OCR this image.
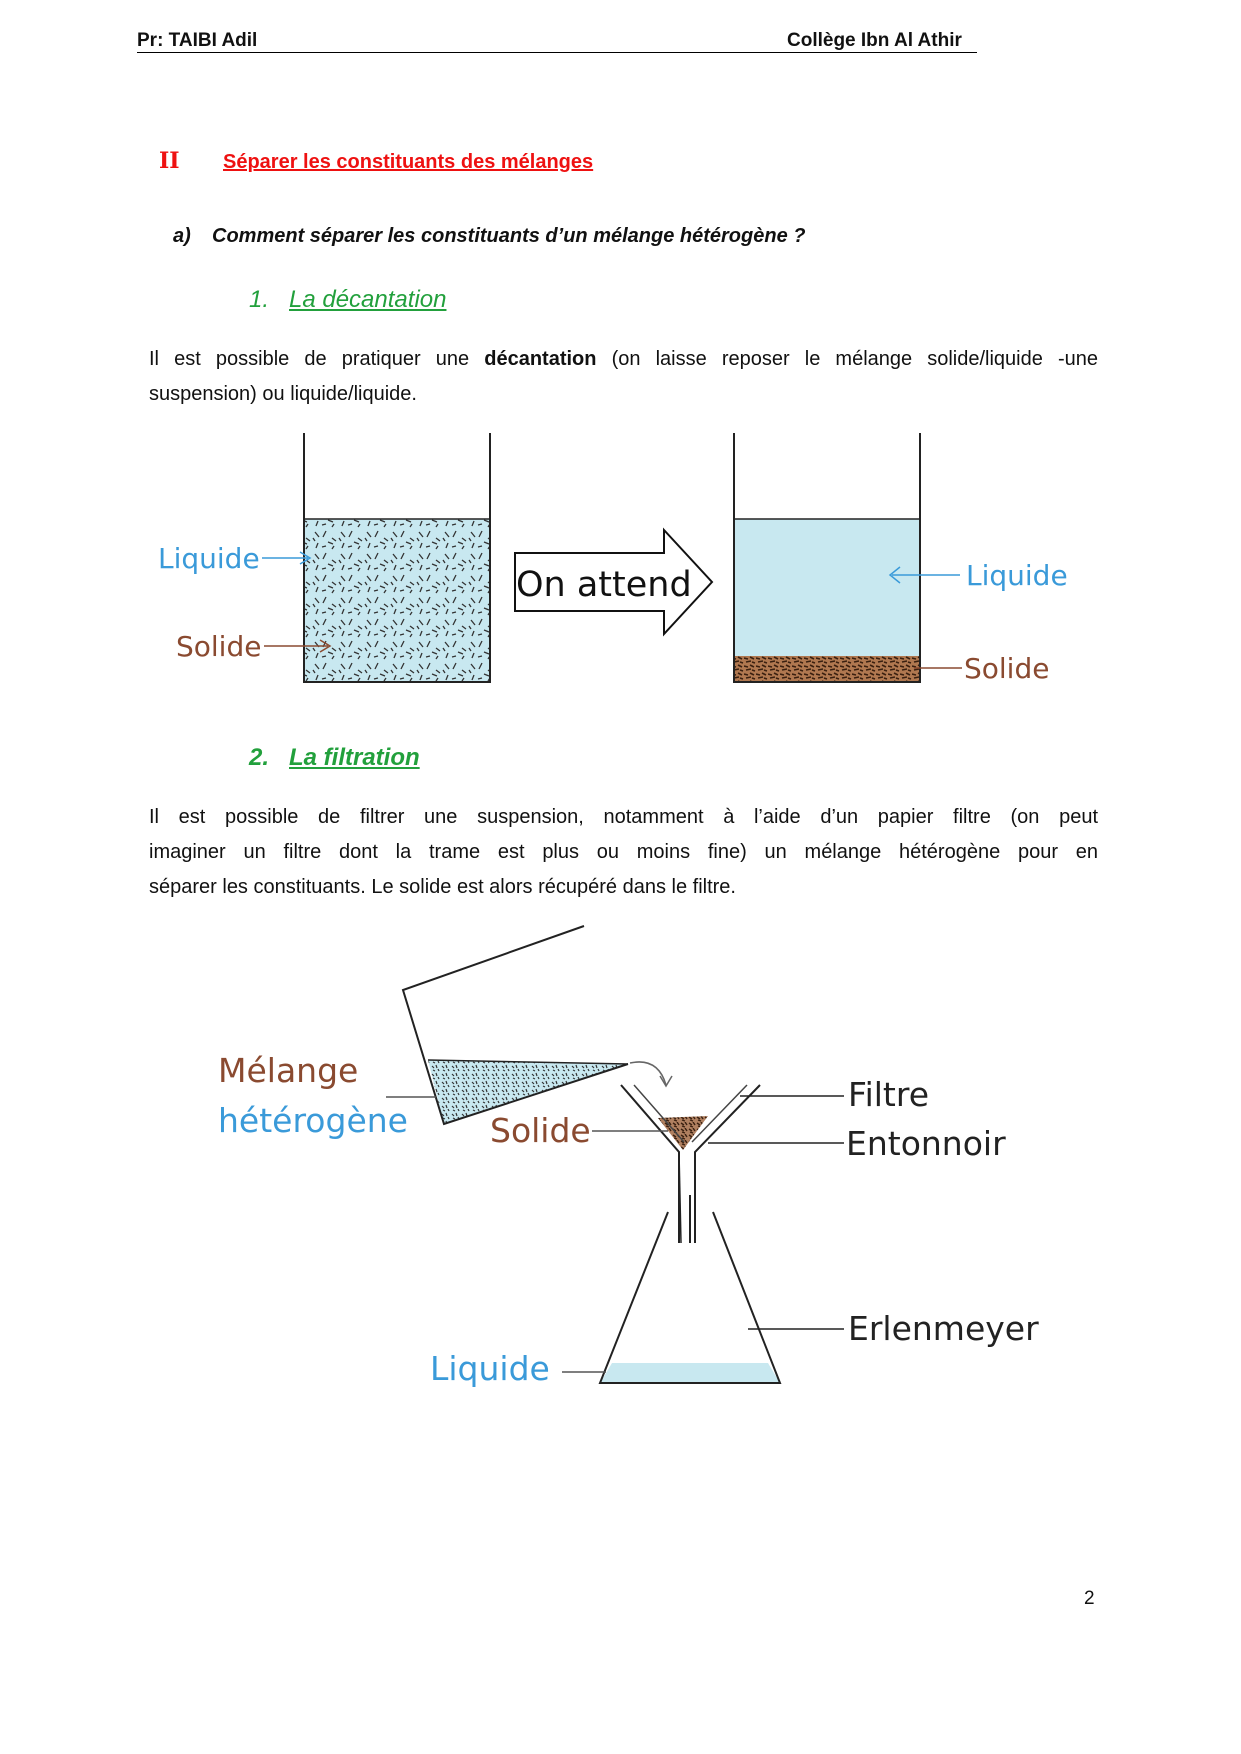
Pr: TAIBI Adil	Collège Ibn Al Athir
II Séparer les constituants des mélanges
a) Comment séparer les constituants d’un mélange hétérogène ?
1. La décantation
Il est possible de pratiquer une décantation (on laisse reposer le mélange solide/liquide -une
suspension) ou liquide/liquide.
Liquide
Solide
On attend	Liquide
Solide
2. La filtration
Il est possible de filtrer une suspension, notamment à l’aide d’un papier filtre (on peut
imaginer un filtre dont la trame est plus ou moins fine) un mélange hétérogène pour en
séparer les constituants. Le solide est alors récupéré dans le filtre.
Mélange
hétérogène Solide
Filtre
Entonnoir
Erlenmeyer
Liquide
2
